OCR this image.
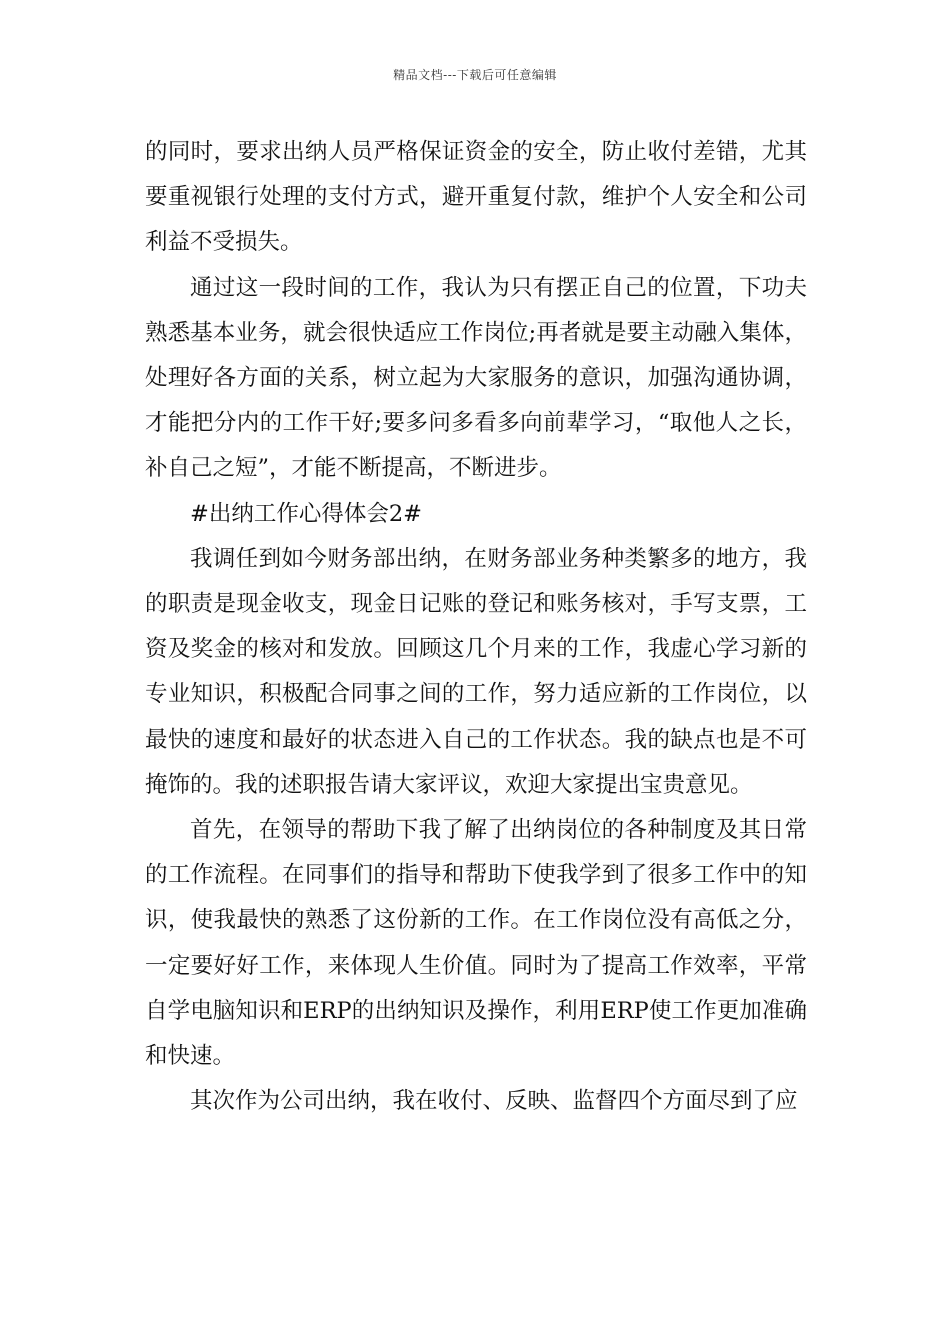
精品文档---下载后可任意编辑

的同时，要求出纳人员严格保证资金的安全，防止收付差错，尤其要重视银行处理的支付方式，避开重复付款，维护个人安全和公司利益不受损失。

通过这一段时间的工作，我认为只有摆正自己的位置，下功夫熟悉基本业务，就会很快适应工作岗位;再者就是要主动融入集体，处理好各方面的关系，树立起为大家服务的意识，加强沟通协调，才能把分内的工作干好;要多问多看多向前辈学习，“取他人之长，补自己之短”，才能不断提高，不断进步。

#出纳工作心得体会2#

我调任到如今财务部出纳，在财务部业务种类繁多的地方，我的职责是现金收支，现金日记账的登记和账务核对，手写支票，工资及奖金的核对和发放。回顾这几个月来的工作，我虚心学习新的专业知识，积极配合同事之间的工作，努力适应新的工作岗位，以最快的速度和最好的状态进入自己的工作状态。我的缺点也是不可掩饰的。我的述职报告请大家评议，欢迎大家提出宝贵意见。

首先，在领导的帮助下我了解了出纳岗位的各种制度及其日常的工作流程。在同事们的指导和帮助下使我学到了很多工作中的知识，使我最快的熟悉了这份新的工作。在工作岗位没有高低之分，一定要好好工作，来体现人生价值。同时为了提高工作效率，平常自学电脑知识和ERP的出纳知识及操作，利用ERP使工作更加准确和快速。

其次作为公司出纳，我在收付、反映、监督四个方面尽到了应
